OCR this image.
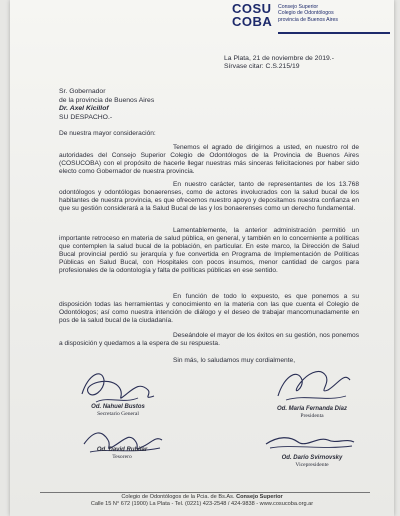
COSU
COBA
Consejo Superior
Colegio de Odontólogos
provincia de Buenos Aires
La Plata, 21 de noviembre de 2019.-
Sírvase citar: C.S.215/19
Sr. Gobernador
de la provincia de Buenos Aires
Dr. Axel Kicillof
SU DESPACHO.-
De nuestra mayor consideración:
Tenemos el agrado de dirigirnos a usted, en nuestro rol de autoridades del Consejo Superior Colegio de Odontólogos de la Provincia de Buenos Aires (COSUCOBA) con el propósito de hacerle llegar nuestras más sinceras felicitaciones por haber sido electo como Gobernador de nuestra provincia.
En nuestro carácter, tanto de representantes de los 13.768 odontólogos y odontólogas bonaerenses, como de actores involucrados con la salud bucal de los habitantes de nuestra provincia, es que ofrecemos nuestro apoyo y depositamos nuestra confianza en que su gestión considerará a la Salud Bucal de las y los bonaerenses como un derecho fundamental.
Lamentablemente, la anterior administración permitió un importante retroceso en materia de salud pública, en general, y también en lo concerniente a políticas que contemplen la salud bucal de la población, en particular. En este marco, la Dirección de Salud Bucal provincial perdió su jerarquía y fue convertida en Programa de Implementación de Políticas Públicas en Salud Bucal, con Hospitales con pocos insumos, menor cantidad de cargos para profesionales de la odontología y falta de políticas públicas en ese sentido.
En función de todo lo expuesto, es que ponemos a su disposición todas las herramientas y conocimiento en la materia con las que cuenta el Colegio de Odontólogos; así como nuestra intención de diálogo y el deseo de trabajar mancomunadamente en pos de la salud bucal de la ciudadanía.
Deseándole el mayor de los éxitos en su gestión, nos ponemos a disposición y quedamos a la espera de su respuesta.
Sin más, lo saludamos muy cordialmente,
Od. Nahuel Bustos
Secretario General
Od. María Fernanda Díaz
Presidenta
Od. David Rubilar
Tesorero	Od. Darío Svirnovsky
Vicepresidente
Colegio de Odontólogos de la Pcia. de Bs.As. Consejo Superior
Calle 15 N° 672 (1900) La Plata - Tel. (0221) 423-2548 / 424-9838 - www.cosucoba.org.ar
